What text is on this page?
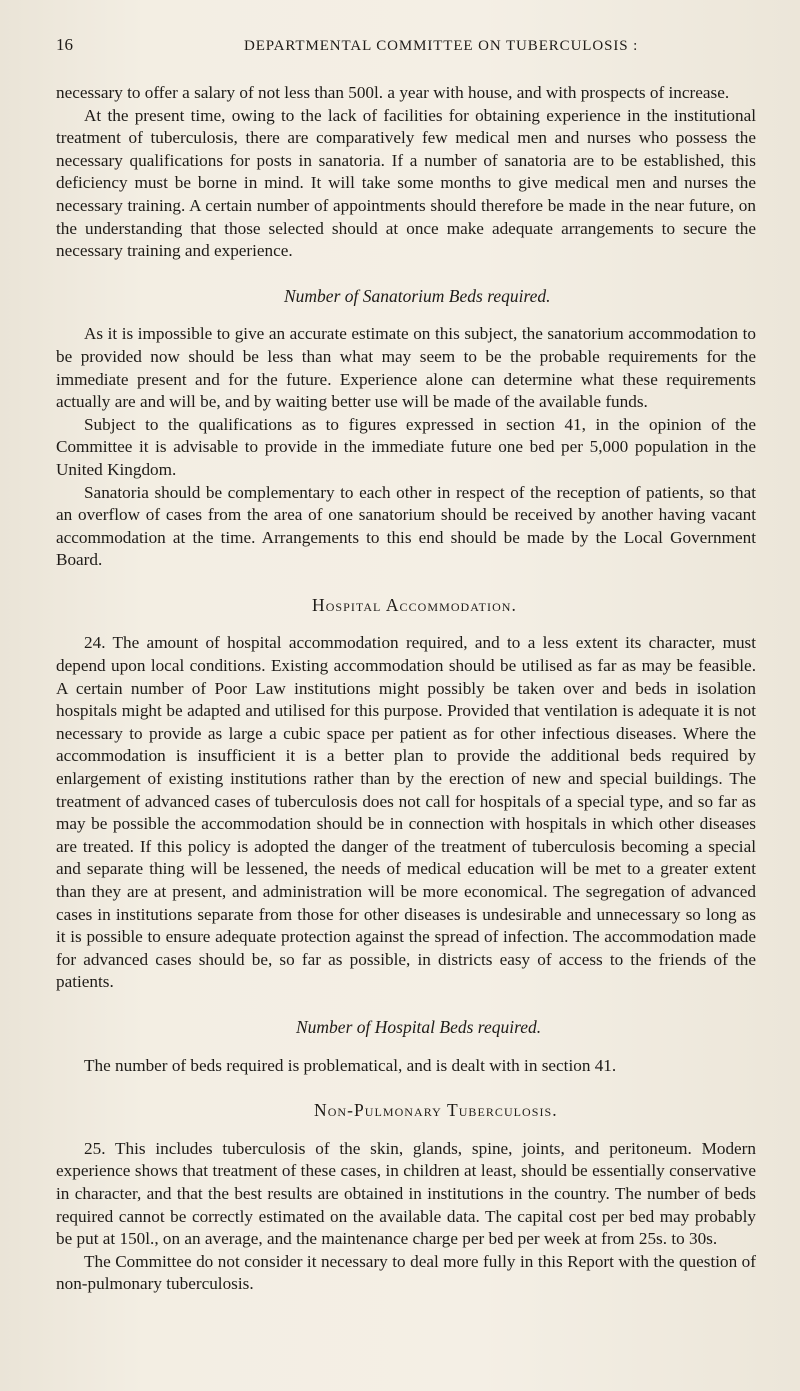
16	DEPARTMENTAL COMMITTEE ON TUBERCULOSIS :

necessary to offer a salary of not less than 500l. a year with house, and with prospects of increase.

At the present time, owing to the lack of facilities for obtaining experience in the institutional treatment of tuberculosis, there are comparatively few medical men and nurses who possess the necessary qualifications for posts in sanatoria. If a number of sanatoria are to be established, this deficiency must be borne in mind. It will take some months to give medical men and nurses the necessary training. A certain number of appointments should therefore be made in the near future, on the understanding that those selected should at once make adequate arrangements to secure the necessary training and experience.

Number of Sanatorium Beds required.

As it is impossible to give an accurate estimate on this subject, the sanatorium accommodation to be provided now should be less than what may seem to be the probable requirements for the immediate present and for the future. Experience alone can determine what these requirements actually are and will be, and by waiting better use will be made of the available funds.

Subject to the qualifications as to figures expressed in section 41, in the opinion of the Committee it is advisable to provide in the immediate future one bed per 5,000 population in the United Kingdom.

Sanatoria should be complementary to each other in respect of the reception of patients, so that an overflow of cases from the area of one sanatorium should be received by another having vacant accommodation at the time. Arrangements to this end should be made by the Local Government Board.

Hospital Accommodation.

24. The amount of hospital accommodation required, and to a less extent its character, must depend upon local conditions. Existing accommodation should be utilised as far as may be feasible. A certain number of Poor Law institutions might possibly be taken over and beds in isolation hospitals might be adapted and utilised for this purpose. Provided that ventilation is adequate it is not necessary to provide as large a cubic space per patient as for other infectious diseases. Where the accommodation is insufficient it is a better plan to provide the additional beds required by enlargement of existing institutions rather than by the erection of new and special buildings. The treatment of advanced cases of tuberculosis does not call for hospitals of a special type, and so far as may be possible the accommodation should be in connection with hospitals in which other diseases are treated. If this policy is adopted the danger of the treatment of tuberculosis becoming a special and separate thing will be lessened, the needs of medical education will be met to a greater extent than they are at present, and administration will be more economical. The segregation of advanced cases in institutions separate from those for other diseases is undesirable and unnecessary so long as it is possible to ensure adequate protection against the spread of infection. The accommodation made for advanced cases should be, so far as possible, in districts easy of access to the friends of the patients.

Number of Hospital Beds required.

The number of beds required is problematical, and is dealt with in section 41.

Non-Pulmonary Tuberculosis.

25. This includes tuberculosis of the skin, glands, spine, joints, and peritoneum. Modern experience shows that treatment of these cases, in children at least, should be essentially conservative in character, and that the best results are obtained in institutions in the country. The number of beds required cannot be correctly estimated on the available data. The capital cost per bed may probably be put at 150l., on an average, and the maintenance charge per bed per week at from 25s. to 30s.

The Committee do not consider it necessary to deal more fully in this Report with the question of non-pulmonary tuberculosis.
